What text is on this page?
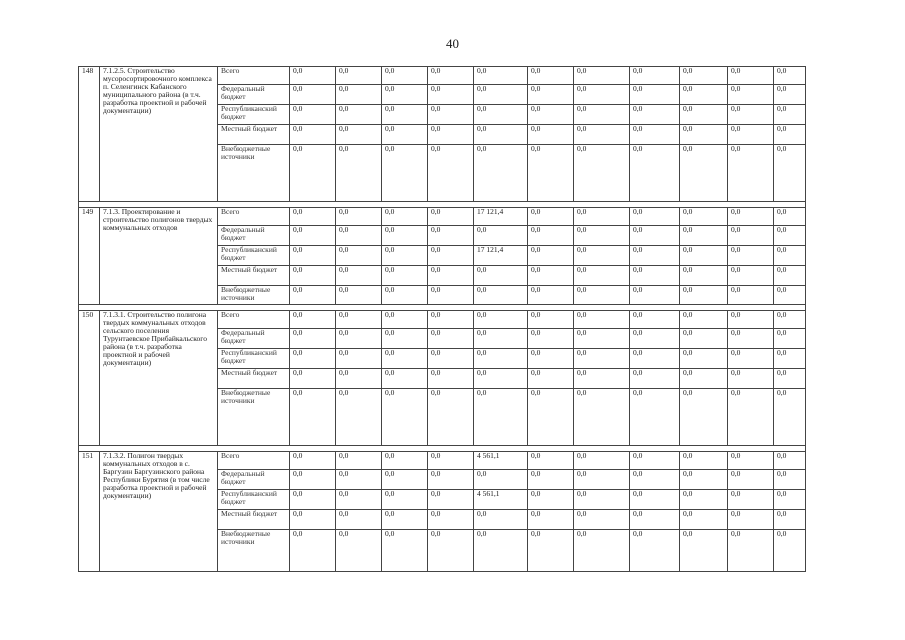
40
148	7.1.2.5. Строительство мусоросортировочного комплекса п. Селенгинск Кабанского муниципального района (в т.ч. разработка проектной и рабочей документации)	Всего	0,0	0,0	0,0	0,0	0,0	0,0	0,0	0,0	0,0	0,0	0,0
		Федеральный бюджет	0,0	0,0	0,0	0,0	0,0	0,0	0,0	0,0	0,0	0,0	0,0
		Республиканский бюджет	0,0	0,0	0,0	0,0	0,0	0,0	0,0	0,0	0,0	0,0	0,0
		Местный бюджет	0,0	0,0	0,0	0,0	0,0	0,0	0,0	0,0	0,0	0,0	0,0
		Внебюджетные источники	0,0	0,0	0,0	0,0	0,0	0,0	0,0	0,0	0,0	0,0	0,0

149	7.1.3. Проектирование и строительство полигонов твердых коммунальных отходов	Всего	0,0	0,0	0,0	0,0	17 121,4	0,0	0,0	0,0	0,0	0,0	0,0
		Федеральный бюджет	0,0	0,0	0,0	0,0	0,0	0,0	0,0	0,0	0,0	0,0	0,0
		Республиканский бюджет	0,0	0,0	0,0	0,0	17 121,4	0,0	0,0	0,0	0,0	0,0	0,0
		Местный бюджет	0,0	0,0	0,0	0,0	0,0	0,0	0,0	0,0	0,0	0,0	0,0
		Внебюджетные источники	0,0	0,0	0,0	0,0	0,0	0,0	0,0	0,0	0,0	0,0	0,0

150	7.1.3.1. Строительство полигона твердых коммунальных отходов сельского поселения Турунтаевское Прибайкальского района (в т.ч. разработка проектной и рабочей документации)	Всего	0,0	0,0	0,0	0,0	0,0	0,0	0,0	0,0	0,0	0,0	0,0
		Федеральный бюджет	0,0	0,0	0,0	0,0	0,0	0,0	0,0	0,0	0,0	0,0	0,0
		Республиканский бюджет	0,0	0,0	0,0	0,0	0,0	0,0	0,0	0,0	0,0	0,0	0,0
		Местный бюджет	0,0	0,0	0,0	0,0	0,0	0,0	0,0	0,0	0,0	0,0	0,0
		Внебюджетные источники	0,0	0,0	0,0	0,0	0,0	0,0	0,0	0,0	0,0	0,0	0,0

151	7.1.3.2. Полигон твердых коммунальных отходов в с. Баргузин Баргузинского района Республики Бурятия (в том числе разработка проектной и рабочей документации)	Всего	0,0	0,0	0,0	0,0	4 561,1	0,0	0,0	0,0	0,0	0,0	0,0
		Федеральный бюджет	0,0	0,0	0,0	0,0	0,0	0,0	0,0	0,0	0,0	0,0	0,0
		Республиканский бюджет	0,0	0,0	0,0	0,0	4 561,1	0,0	0,0	0,0	0,0	0,0	0,0
		Местный бюджет	0,0	0,0	0,0	0,0	0,0	0,0	0,0	0,0	0,0	0,0	0,0
		Внебюджетные источники	0,0	0,0	0,0	0,0	0,0	0,0	0,0	0,0	0,0	0,0	0,0
